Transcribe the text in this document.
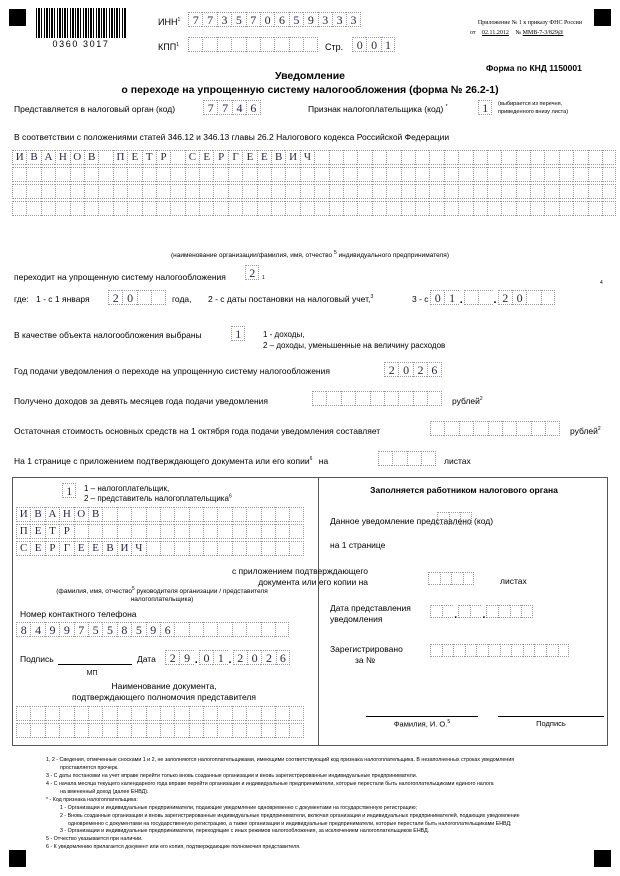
0360 3017
ИНН$^1$	7 7 3 5 7 0 6 5 9 3 3 3
КПП$^1$	Стр.	0 0 1
Приложение № 1 к приказу ФНС России
от 02.11.2012 № ММВ-7-3/829@
Форма по КНД 1150001
Уведомление
о переходе на упрощенную систему налогообложения (форма № 26.2-1)
Представляется в налоговый орган (код)	7 7 4 6	Признак налогоплательщика (код) *	1	(выбирается из перечня,
приведенного внизу листа)
В соответствии с положениями статей 346.12 и 346.13 главы 26.2 Налогового кодекса Российской Федерации
И В А Н О В	П Е Т Р	С Е Р Г Е Е В И Ч
(наименование организации/фамилия, имя, отчество $^5$ индивидуального предпринимателя)
переходит на упрощенную систему налогообложения	2	1
где: 1 - с 1 января	2 0	года, 2 - с даты постановки на налоговый учет,$^3$	3 - с 0 1 .	. 2 0
4
В качестве объекта налогообложения выбраны	1	1 - доходы,
2 – доходы, уменьшенные на величину расходов
Год подачи уведомления о переходе на упрощенную систему налогообложения	2 0 2 6
Получено доходов за девять месяцев года подачи уведомления	рублей$^2$
Остаточная стоимость основных средств на 1 октября года подачи уведомления составляет	рублей$^2$
На 1 странице с приложением подтверждающего документа или его копии$^6$ на	листах
1	1 – налогоплательщик,
2 – представитель налогоплательщика$^6$
И В А Н О В
П Е Т Р
С Е Р Г Е Е В И Ч
(фамилия, имя, отчество$^5$ руководителя организации / представителя
налогоплательщика)
Номер контактного телефона
8 4 9 9 7 5 5 8 5 9 6
Подпись	Дата	2 9 . 0 1 . 2 0 2 6
МП
Наименование документа,
подтверждающего полномочия представителя
Заполняется работником налогового органа
Данное уведомление представлено (код)
на 1 странице
с приложением подтверждающего
документа или его копии на	листах
Дата представления
уведомления	. .
Зарегистрировано
за №
Фамилия, И. О.$^5$	Подпись
1, 2 - Сведения, отмеченные сносками 1 и 2, не заполняются налогоплательщиками, имеющими соответствующий код признака налогоплательщика. В незаполненных строках уведомления
проставляется прочерк.
3 - С даты постановки на учет вправе перейти только вновь созданные организации и вновь зарегистрированные индивидуальные предприниматели.
4 - С начала месяца текущего календарного года вправе перейти организации и индивидуальные предприниматели, которые перестали быть налогоплательщиками единого налога
на вмененный доход (далее ЕНВД).
* - Код признака налогоплательщика:
1 - Организации и индивидуальные предприниматели, подающие уведомление одновременно с документами на государственную регистрацию;
2 - Вновь созданные организации и вновь зарегистрированные индивидуальные предприниматели, включая организации и индивидуальных предпринимателей, подающих уведомление
одновременно с документами на государственную регистрацию, а также организации и индивидуальные предприниматели, которые перестали быть налогоплательщиками ЕНВД;
3 - Организации и индивидуальные предприниматели, переходящие с иных режимов налогообложения, за исключением налогоплательщиков ЕНВД.
5 - Отчество указывается при наличии.
6 - К уведомлению прилагается документ или его копия, подтверждающие полномочия представителя.
